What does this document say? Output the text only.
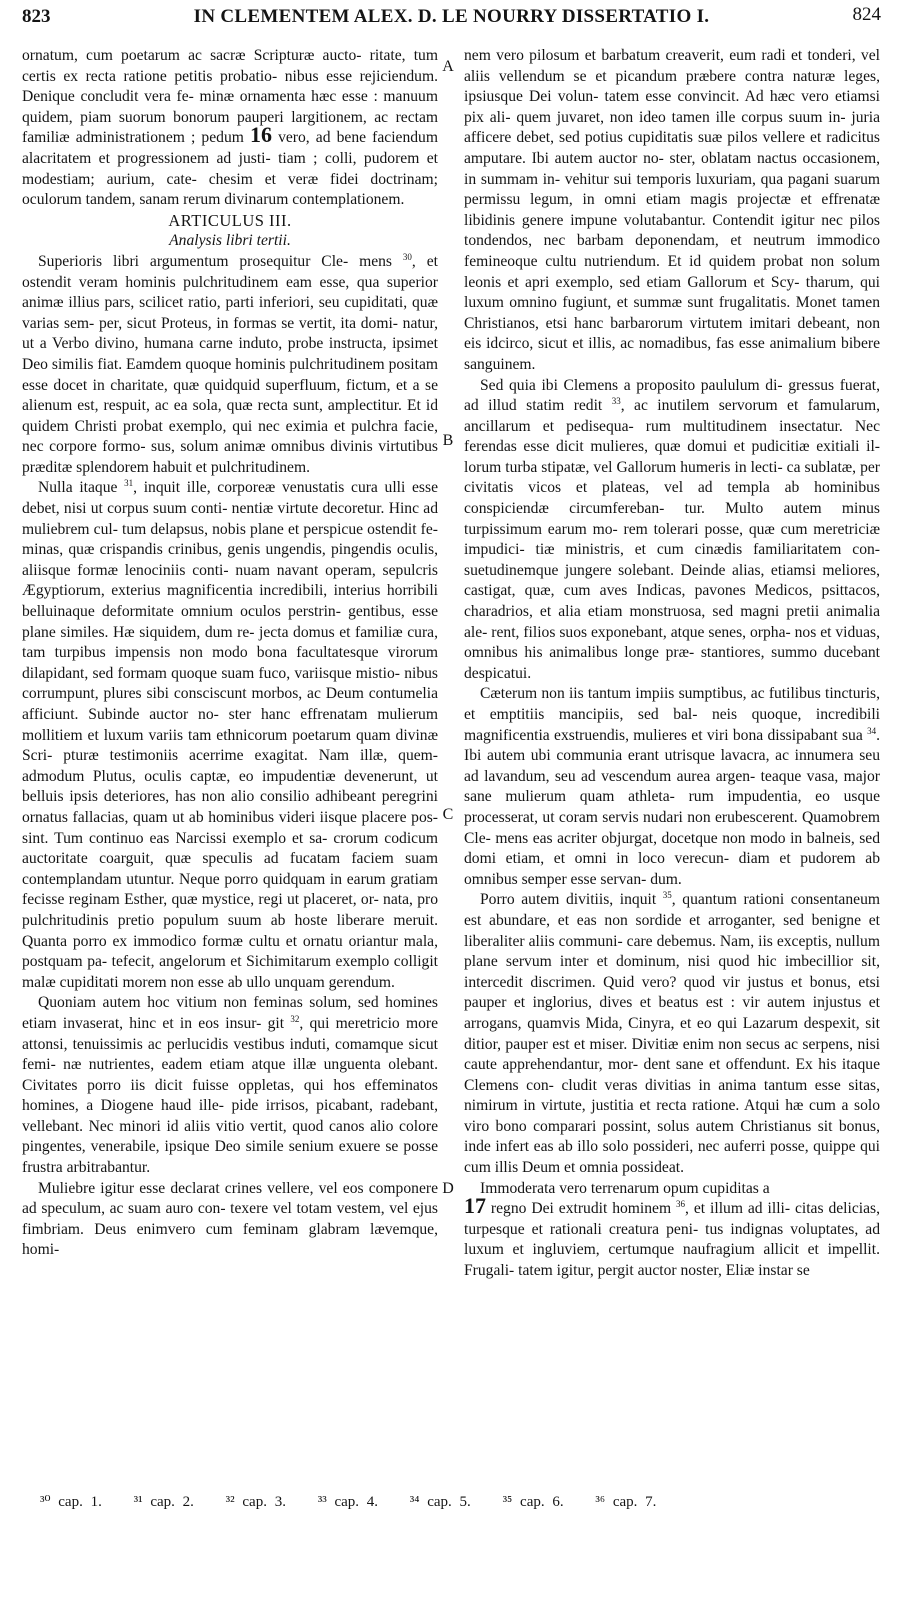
823	IN CLEMENTEM ALEX. D. LE NOURRY DISSERTATIO I.	824

ornatum, cum poetarum ac sacræ Scripturæ aucto- ritate, tum certis ex recta ratione petitis probatio- nibus esse rejiciendum. Denique concludit vera fe- minæ ornamenta hæc esse : manuum quidem, piam suorum bonorum pauperi largitionem, ac rectam familiæ administrationem ; pedum 16 vero, ad bene faciendum alacritatem et progressionem ad justi- tiam ; colli, pudorem et modestiam; aurium, cate- chesim et veræ fidei doctrinam; oculorum tandem, sanam rerum divinarum contemplationem.

ARTICULUS III.

Analysis libri tertii.

Superioris libri argumentum prosequitur Cle- mens $^{30}$, et ostendit veram hominis pulchritudinem eam esse, qua superior animæ illius pars, scilicet ratio, parti inferiori, seu cupiditati, quæ varias sem- per, sicut Proteus, in formas se vertit, ita domi- natur, ut a Verbo divino, humana carne induto, probe instructa, ipsimet Deo similis fiat. Eamdem quoque hominis pulchritudinem positam esse docet in charitate, quæ quidquid superfluum, fictum, et a se alienum est, respuit, ac ea sola, quæ recta sunt, amplectitur. Et id quidem Christi probat exemplo, qui nec eximia et pulchra facie, nec corpore formo- sus, solum animæ omnibus divinis virtutibus præditæ splendorem habuit et pulchritudinem.

Nulla itaque $^{31}$, inquit ille, corporeæ venustatis cura ulli esse debet, nisi ut corpus suum conti- nentiæ virtute decoretur. Hinc ad muliebrem cul- tum delapsus, nobis plane et perspicue ostendit fe- minas, quæ crispandis crinibus, genis ungendis, pingendis oculis, aliisque formæ lenociniis conti- nuam navant operam, sepulcris Ægyptiorum, exterius magnificentia incredibili, interius horribili belluinaque deformitate omnium oculos perstrin- gentibus, esse plane similes. Hæ siquidem, dum re- jecta domus et familiæ cura, tam turpibus impensis non modo bona facultatesque virorum dilapidant, sed formam quoque suam fuco, variisque mistio- nibus corrumpunt, plures sibi consciscunt morbos, ac Deum contumelia afficiunt. Subinde auctor no- ster hanc effrenatam mulierum mollitiem et luxum variis tam ethnicorum poetarum quam divinæ Scri- pturæ testimoniis acerrime exagitat. Nam illæ, quem- admodum Plutus, oculis captæ, eo impudentiæ devenerunt, ut belluis ipsis deteriores, has non alio consilio adhibeant peregrini ornatus fallacias, quam ut ab hominibus videri iisque placere pos- sint. Tum continuo eas Narcissi exemplo et sa- crorum codicum auctoritate coarguit, quæ speculis ad fucatam faciem suam contemplandam utuntur. Neque porro quidquam in earum gratiam fecisse reginam Esther, quæ mystice, regi ut placeret, or- nata, pro pulchritudinis pretio populum suum ab hoste liberare meruit. Quanta porro ex immodico formæ cultu et ornatu oriantur mala, postquam pa- tefecit, angelorum et Sichimitarum exemplo colligit malæ cupiditati morem non esse ab ullo unquam gerendum.

Quoniam autem hoc vitium non feminas solum, sed homines etiam invaserat, hinc et in eos insur- git $^{32}$, qui meretricio more attonsi, tenuissimis ac perlucidis vestibus induti, comamque sicut femi- næ nutrientes, eadem etiam atque illæ unguenta olebant. Civitates porro iis dicit fuisse oppletas, qui hos effeminatos homines, a Diogene haud ille- pide irrisos, picabant, radebant, vellebant. Nec minori id aliis vitio vertit, quod canos alio colore pingentes, venerabile, ipsique Deo simile senium exuere se posse frustra arbitrabantur.

Muliebre igitur esse declarat crines vellere, vel eos componere ad speculum, ac suam auro con- texere vel totam vestem, vel ejus fimbriam. Deus enimvero cum feminam glabram lævemque, homi-

A
B
C
D

nem vero pilosum et barbatum creaverit, eum radi et tonderi, vel aliis vellendum se et picandum præbere contra naturæ leges, ipsiusque Dei volun- tatem esse convincit. Ad hæc vero etiamsi pix ali- quem juvaret, non ideo tamen ille corpus suum in- juria afficere debet, sed potius cupiditatis suæ pilos vellere et radicitus amputare. Ibi autem auctor no- ster, oblatam nactus occasionem, in summam in- vehitur sui temporis luxuriam, qua pagani suarum permissu legum, in omni etiam magis projectæ et effrenatæ libidinis genere impune volutabantur. Contendit igitur nec pilos tondendos, nec barbam deponendam, et neutrum immodico femineoque cultu nutriendum. Et id quidem probat non solum leonis et apri exemplo, sed etiam Gallorum et Scy- tharum, qui luxum omnino fugiunt, et summæ sunt frugalitatis. Monet tamen Christianos, etsi hanc barbarorum virtutem imitari debeant, non eis idcirco, sicut et illis, ac nomadibus, fas esse animalium bibere sanguinem.

Sed quia ibi Clemens a proposito paululum di- gressus fuerat, ad illud statim redit $^{33}$, ac inutilem servorum et famularum, ancillarum et pedisequa- rum multitudinem insectatur. Nec ferendas esse dicit mulieres, quæ domui et pudicitiæ exitiali il- lorum turba stipatæ, vel Gallorum humeris in lecti- ca sublatæ, per civitatis vicos et plateas, vel ad templa ab hominibus conspiciendæ circumfereban- tur. Multo autem minus turpissimum earum mo- rem tolerari posse, quæ cum meretriciæ impudici- tiæ ministris, et cum cinædis familiaritatem con- suetudinemque jungere solebant. Deinde alias, etiamsi meliores, castigat, quæ, cum aves Indicas, pavones Medicos, psittacos, charadrios, et alia etiam monstruosa, sed magni pretii animalia ale- rent, filios suos exponebant, atque senes, orpha- nos et viduas, omnibus his animalibus longe præ- stantiores, summo ducebant despicatui.

Cæterum non iis tantum impiis sumptibus, ac futilibus tincturis, et emptitiis mancipiis, sed bal- neis quoque, incredibili magnificentia exstruendis, mulieres et viri bona dissipabant sua $^{34}$. Ibi autem ubi communia erant utrisque lavacra, ac innumera seu ad lavandum, seu ad vescendum aurea argen- teaque vasa, major sane mulierum quam athleta- rum impudentia, eo usque processerat, ut coram servis nudari non erubescerent. Quamobrem Cle- mens eas acriter objurgat, docetque non modo in balneis, sed domi etiam, et omni in loco verecun- diam et pudorem ab omnibus semper esse servan- dum.

Porro autem divitiis, inquit $^{35}$, quantum rationi consentaneum est abundare, et eas non sordide et arroganter, sed benigne et liberaliter aliis communi- care debemus. Nam, iis exceptis, nullum plane servum inter et dominum, nisi quod hic imbecillior sit, intercedit discrimen. Quid vero? quod vir justus et bonus, etsi pauper et inglorius, dives et beatus est : vir autem injustus et arrogans, quamvis Mida, Cinyra, et eo qui Lazarum despexit, sit ditior, pauper est et miser. Divitiæ enim non secus ac serpens, nisi caute apprehendantur, mor- dent sane et offendunt. Ex his itaque Clemens con- cludit veras divitias in anima tantum esse sitas, nimirum in virtute, justitia et recta ratione. Atqui hæ cum a solo viro bono comparari possint, solus autem Christianus sit bonus, inde infert eas ab illo solo possideri, nec auferri posse, quippe qui cum illis Deum et omnia possideat.

Immoderata vero terrenarum opum cupiditas a
17 regno Dei extrudit hominem $^{36}$, et illum ad illi- citas delicias, turpesque et rationali creatura peni- tus indignas voluptates, ad luxum et ingluviem, certumque naufragium allicit et impellit. Frugali- tatem igitur, pergit auctor noster, Eliæ instar se

³⁰ cap. 1. ³¹ cap. 2. ³² cap. 3. ³³ cap. 4. ³⁴ cap. 5. ³⁵ cap. 6. ³⁶ cap. 7.
